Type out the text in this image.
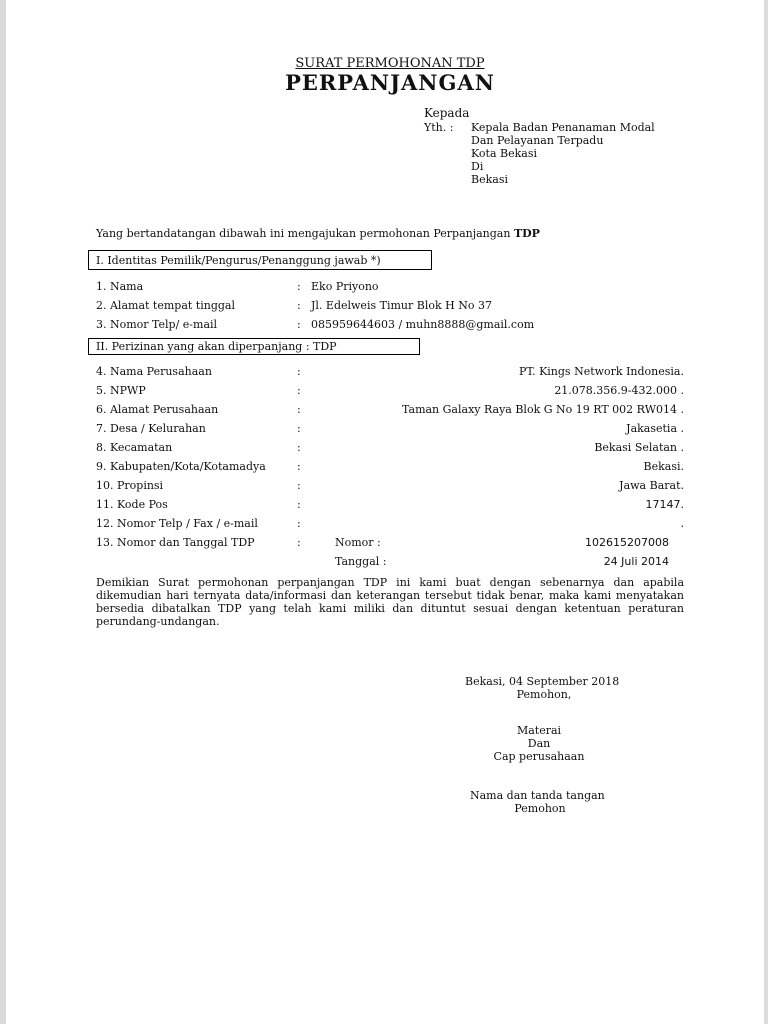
SURAT PERMOHONAN TDP
PERPANJANGAN
Kepada
Yth. : Kepala Badan Penanaman Modal
Dan Pelayanan Terpadu
Kota Bekasi
Di
Bekasi
Yang bertandatangan dibawah ini mengajukan permohonan Perpanjangan TDP
I. Identitas Pemilik/Pengurus/Penanggung jawab *)
1. Nama	: Eko Priyono
2. Alamat tempat tinggal	: Jl. Edelweis Timur Blok H No 37
3. Nomor Telp/ e-mail	: 085959644603 / muhn8888@gmail.com
II. Perizinan yang akan diperpanjang : TDP
4. Nama Perusahaan	:	PT. Kings Network Indonesia.
5. NPWP	:	21.078.356.9-432.000 .
6. Alamat Perusahaan	:	Taman Galaxy Raya Blok G No 19 RT 002 RW014 .
7. Desa / Kelurahan	:	Jakasetia .
8. Kecamatan	:	Bekasi Selatan .
9. Kabupaten/Kota/Kotamadya	:	Bekasi.
10. Propinsi	:	Jawa Barat.
11. Kode Pos	:	17147.
12. Nomor Telp / Fax / e-mail	:	.
13. Nomor dan Tanggal TDP	:	Nomor :	102615207008
Tanggal :	24 Juli 2014
Demikian Surat permohonan perpanjangan TDP ini kami buat dengan sebenarnya dan apabila dikemudian hari ternyata data/informasi dan keterangan tersebut tidak benar, maka kami menyatakan bersedia dibatalkan TDP yang telah kami miliki dan dituntut sesuai dengan ketentuan peraturan perundang-undangan.
Bekasi, 04 September 2018
Pemohon,
Materai
Dan
Cap perusahaan
Nama dan tanda tangan
Pemohon
